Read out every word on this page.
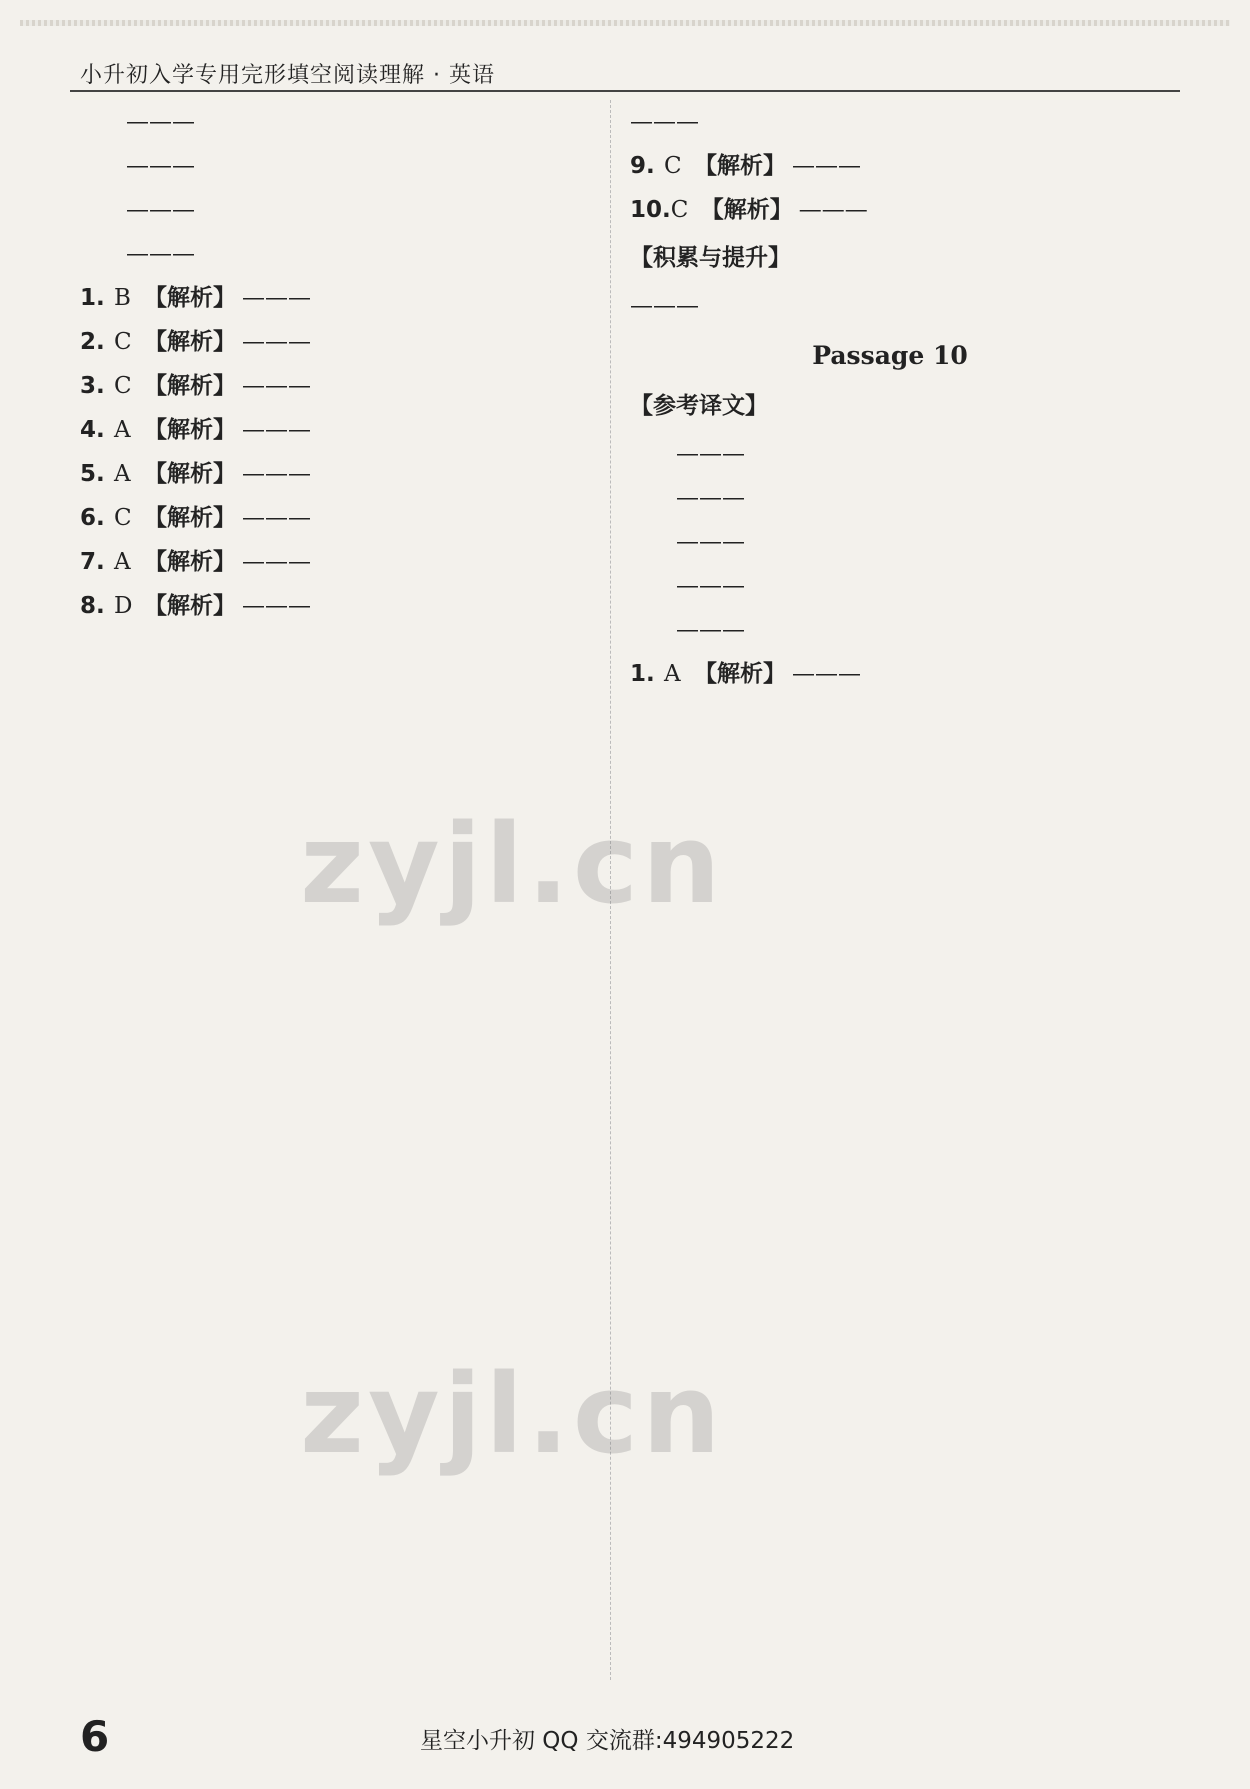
小升初入学专用完形填空阅读理解 · 英语

———

———

———

———

1. B 【解析】 ———
2. C 【解析】 ———
3. C 【解析】 ———
4. A 【解析】 ———
5. A 【解析】 ———
6. C 【解析】 ———
7. A 【解析】 ———
8. D 【解析】 ———

———

9. C 【解析】 ———
10. C 【解析】 ———
【积累与提升】

———

Passage 10
【参考译文】

———

———

———

———

———

1. A 【解析】 ———
zyjl.cn
zyjl.cn
6	星空小升初 QQ 交流群:494905222
